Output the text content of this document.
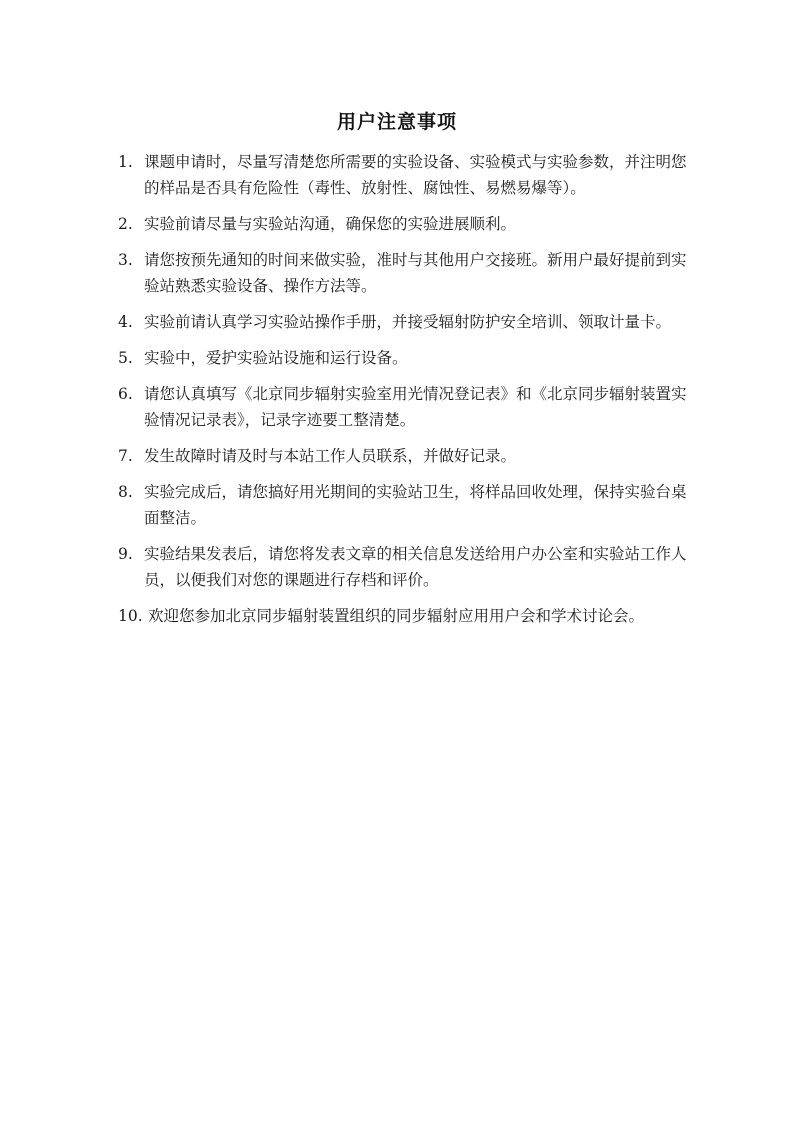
用户注意事项
1. 课题申请时，尽量写清楚您所需要的实验设备、实验模式与实验参数，并注明您的样品是否具有危险性（毒性、放射性、腐蚀性、易燃易爆等）。
2. 实验前请尽量与实验站沟通，确保您的实验进展顺利。
3. 请您按预先通知的时间来做实验，准时与其他用户交接班。新用户最好提前到实验站熟悉实验设备、操作方法等。
4. 实验前请认真学习实验站操作手册，并接受辐射防护安全培训、领取计量卡。
5. 实验中，爱护实验站设施和运行设备。
6. 请您认真填写《北京同步辐射实验室用光情况登记表》和《北京同步辐射装置实验情况记录表》，记录字迹要工整清楚。
7. 发生故障时请及时与本站工作人员联系，并做好记录。
8. 实验完成后，请您搞好用光期间的实验站卫生，将样品回收处理，保持实验台桌面整洁。
9. 实验结果发表后，请您将发表文章的相关信息发送给用户办公室和实验站工作人员，以便我们对您的课题进行存档和评价。
10. 欢迎您参加北京同步辐射装置组织的同步辐射应用用户会和学术讨论会。
